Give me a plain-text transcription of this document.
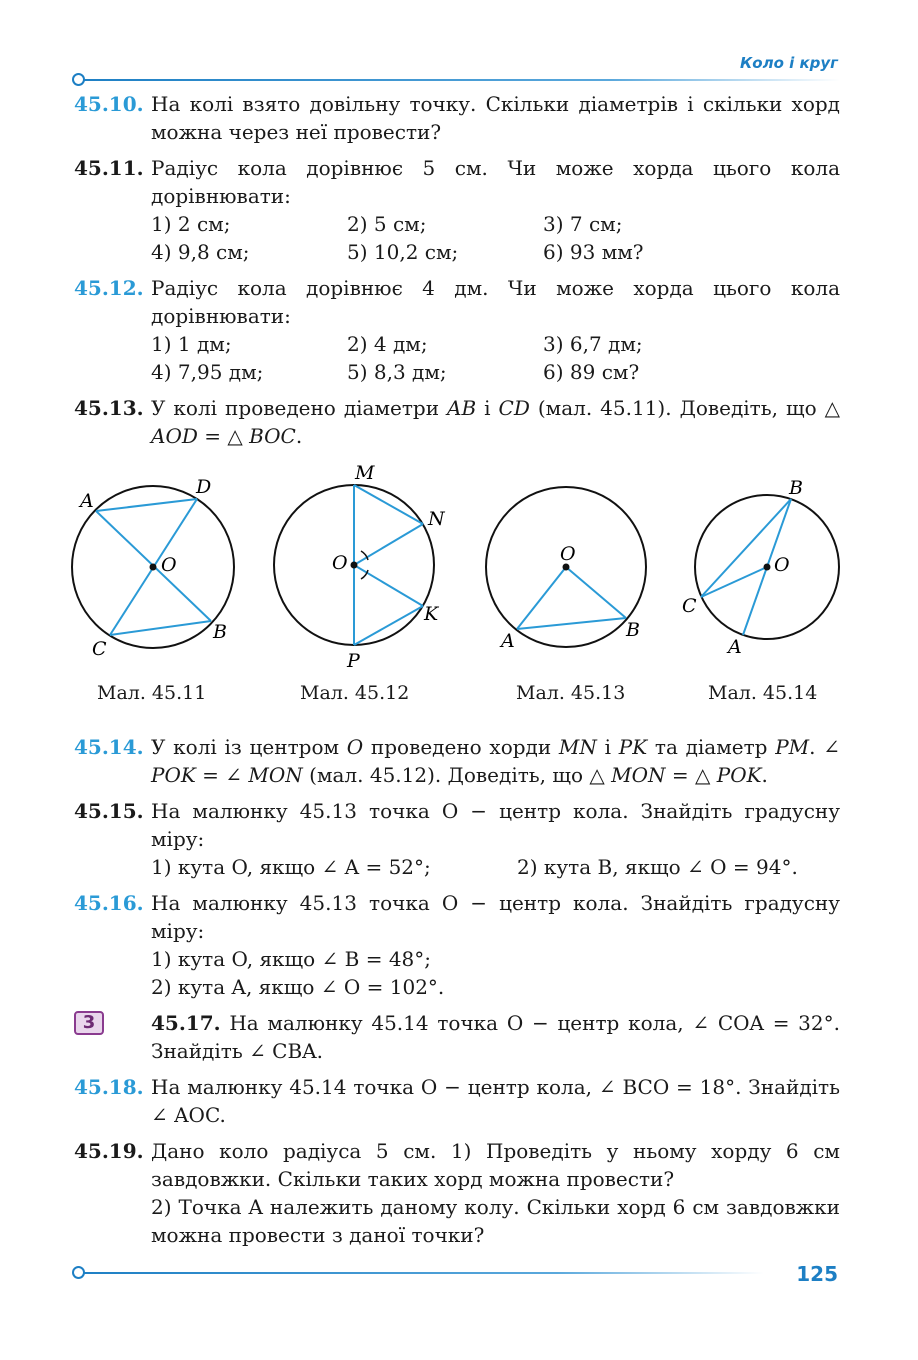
Коло і круг
45.10. На колі взято довільну точку. Скільки діаметрів і скільки хорд можна через неї провести?

45.11. Радіус кола дорівнює 5 см. Чи може хорда цього кола дорівнювати:

1) 2 см;	2) 5 см;	3) 7 см;
4) 9,8 см;	5) 10,2 см;	6) 93 мм?
45.12. Радіус кола дорівнює 4 дм. Чи може хорда цього кола дорівнювати:

1) 1 дм;	2) 4 дм;	3) 6,7 дм;
4) 7,95 дм;	5) 8,3 дм;	6) 89 см?
45.13. У колі проведено діаметри AB і CD (мал. 45.11). Доведіть, що △ AOD = △ BOC.

A
D
O
C
B
M
N
O
K
P
O
A	B
B
O
C
A
Мал. 45.11	Мал. 45.12	Мал. 45.13	Мал. 45.14
45.14. У колі із центром O проведено хорди MN і PK та діаметр PM. ∠ POK = ∠ MON (мал. 45.12). Доведіть, що △ MON = △ POK.

45.15. На малюнку 45.13 точка O − центр кола. Знайдіть градусну міру:

1) кута O, якщо ∠ A = 52°;	2) кута B, якщо ∠ O = 94°.
45.16. На малюнку 45.13 точка O − центр кола. Знайдіть градусну міру:

1) кута O, якщо ∠ B = 48°;
2) кута A, якщо ∠ O = 102°.
3	45.17. На малюнку 45.14 точка O − центр кола, ∠ COA = 32°. Знайдіть ∠ CBA.

45.18. На малюнку 45.14 точка O − центр кола, ∠ BCO = 18°. Знайдіть ∠ AOC.

45.19. Дано коло радіуса 5 см. 1) Проведіть у ньому хорду 6 см завдовжки. Скільки таких хорд можна провести?

2) Точка A належить даному колу. Скільки хорд 6 см завдовжки можна провести з даної точки?

125
